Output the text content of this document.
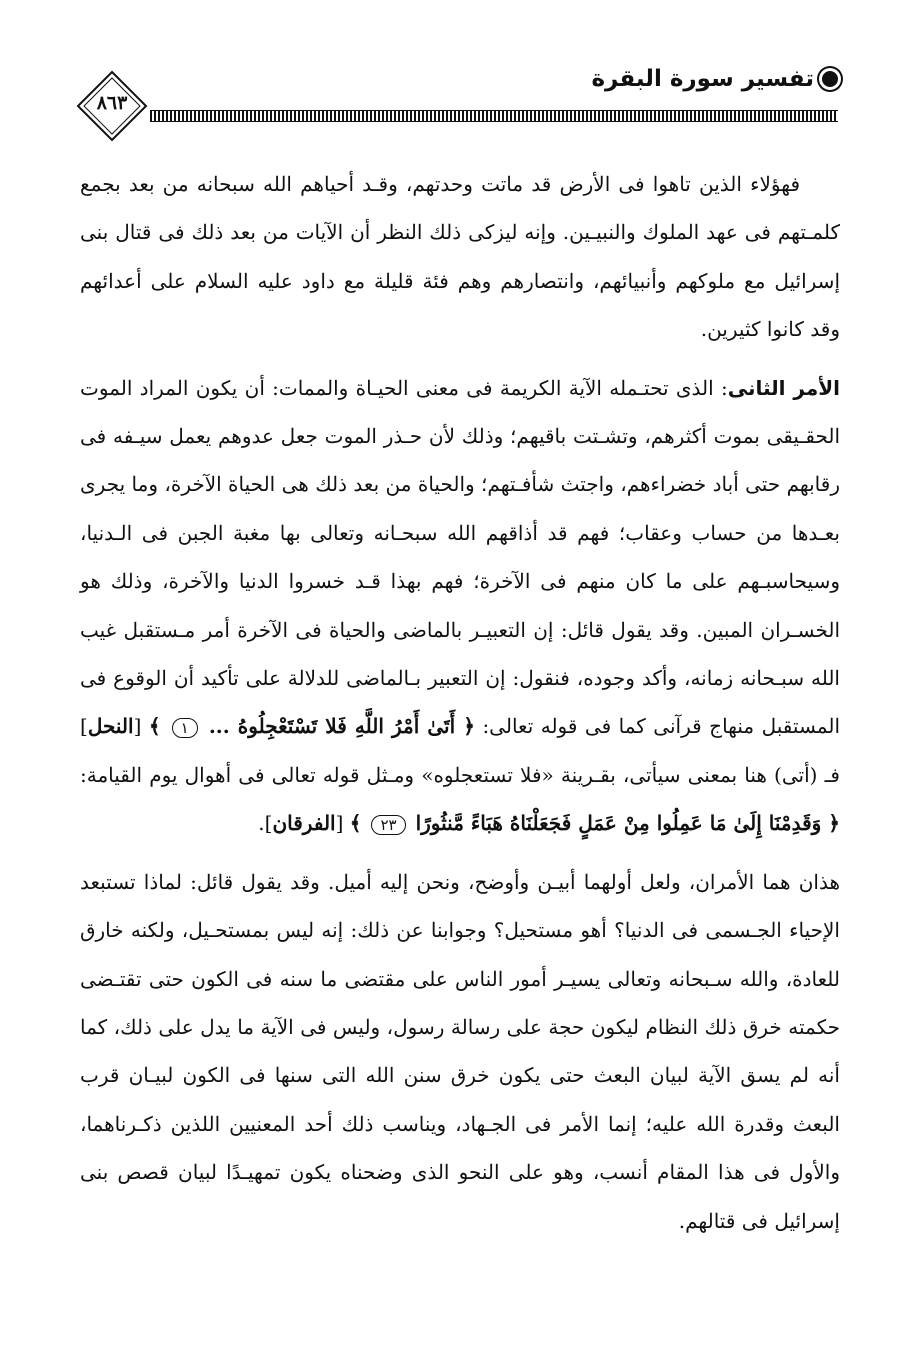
تفسير سورة البقرة
٨٦٣

فهؤلاء الذين تاهوا فى الأرض قد ماتت وحدتهم، وقـد أحياهم الله سبحانه من بعد بجمع كلمـتهم فى عهد الملوك والنبيـين. وإنه ليزكى ذلك النظر أن الآيات من بعد ذلك فى قتال بنى إسرائيل مع ملوكهم وأنبيائهم، وانتصارهم وهم فئة قليلة مع داود عليه السلام على أعدائهم وقد كانوا كثيرين.

الأمر الثانى: الذى تحتـمله الآية الكريمة فى معنى الحيـاة والممات: أن يكون المراد الموت الحقـيقى بموت أكثرهم، وتشـتت باقيهم؛ وذلك لأن حـذر الموت جعل عدوهم يعمل سيـفه فى رقابهم حتى أباد خضراءهم، واجتث شأفـتهم؛ والحياة من بعد ذلك هى الحياة الآخرة، وما يجرى بعـدها من حساب وعقاب؛ فهم قد أذاقهم الله سبحـانه وتعالى بها مغبة الجبن فى الـدنيا، وسيحاسبـهم على ما كان منهم فى الآخرة؛ فهم بهذا قـد خسروا الدنيا والآخرة، وذلك هو الخسـران المبين. وقد يقول قائل: إن التعبيـر بالماضى والحياة فى الآخرة أمر مـستقبل غيب الله سبـحانه زمانه، وأكد وجوده، فنقول: إن التعبير بـالماضى للدلالة على تأكيد أن الوقوع فى المستقبل منهاج قرآنى كما فى قوله تعالى: ﴿ أَتَىٰ أَمْرُ اللَّهِ فَلا تَسْتَعْجِلُوهُ ... ١ ﴾ [النحل] فـ (أتى) هنا بمعنى سيأتى، بقـرينة «فلا تستعجلوه» ومـثل قوله تعالى فى أهوال يوم القيامة: ﴿ وَقَدِمْنَا إِلَىٰ مَا عَمِلُوا مِنْ عَمَلٍ فَجَعَلْنَاهُ هَبَاءً مَّنثُورًا ٢٣ ﴾ [الفرقان].

هذان هما الأمران، ولعل أولهما أبيـن وأوضح، ونحن إليه أميل. وقد يقول قائل: لماذا تستبعد الإحياء الجـسمى فى الدنيا؟ أهو مستحيل؟ وجوابنا عن ذلك: إنه ليس بمستحـيل، ولكنه خارق للعادة، والله سـبحانه وتعالى يسيـر أمور الناس على مقتضى ما سنه فى الكون حتى تقتـضى حكمته خرق ذلك النظام ليكون حجة على رسالة رسول، وليس فى الآية ما يدل على ذلك، كما أنه لم يسق الآية لبيان البعث حتى يكون خرق سنن الله التى سنها فى الكون لبيـان قرب البعث وقدرة الله عليه؛ إنما الأمر فى الجـهاد، ويناسب ذلك أحد المعنيين اللذين ذكـرناهما، والأول فى هذا المقام أنسب، وهو على النحو الذى وضحناه يكون تمهيـدًا لبيان قصص بنى إسرائيل فى قتالهم.
